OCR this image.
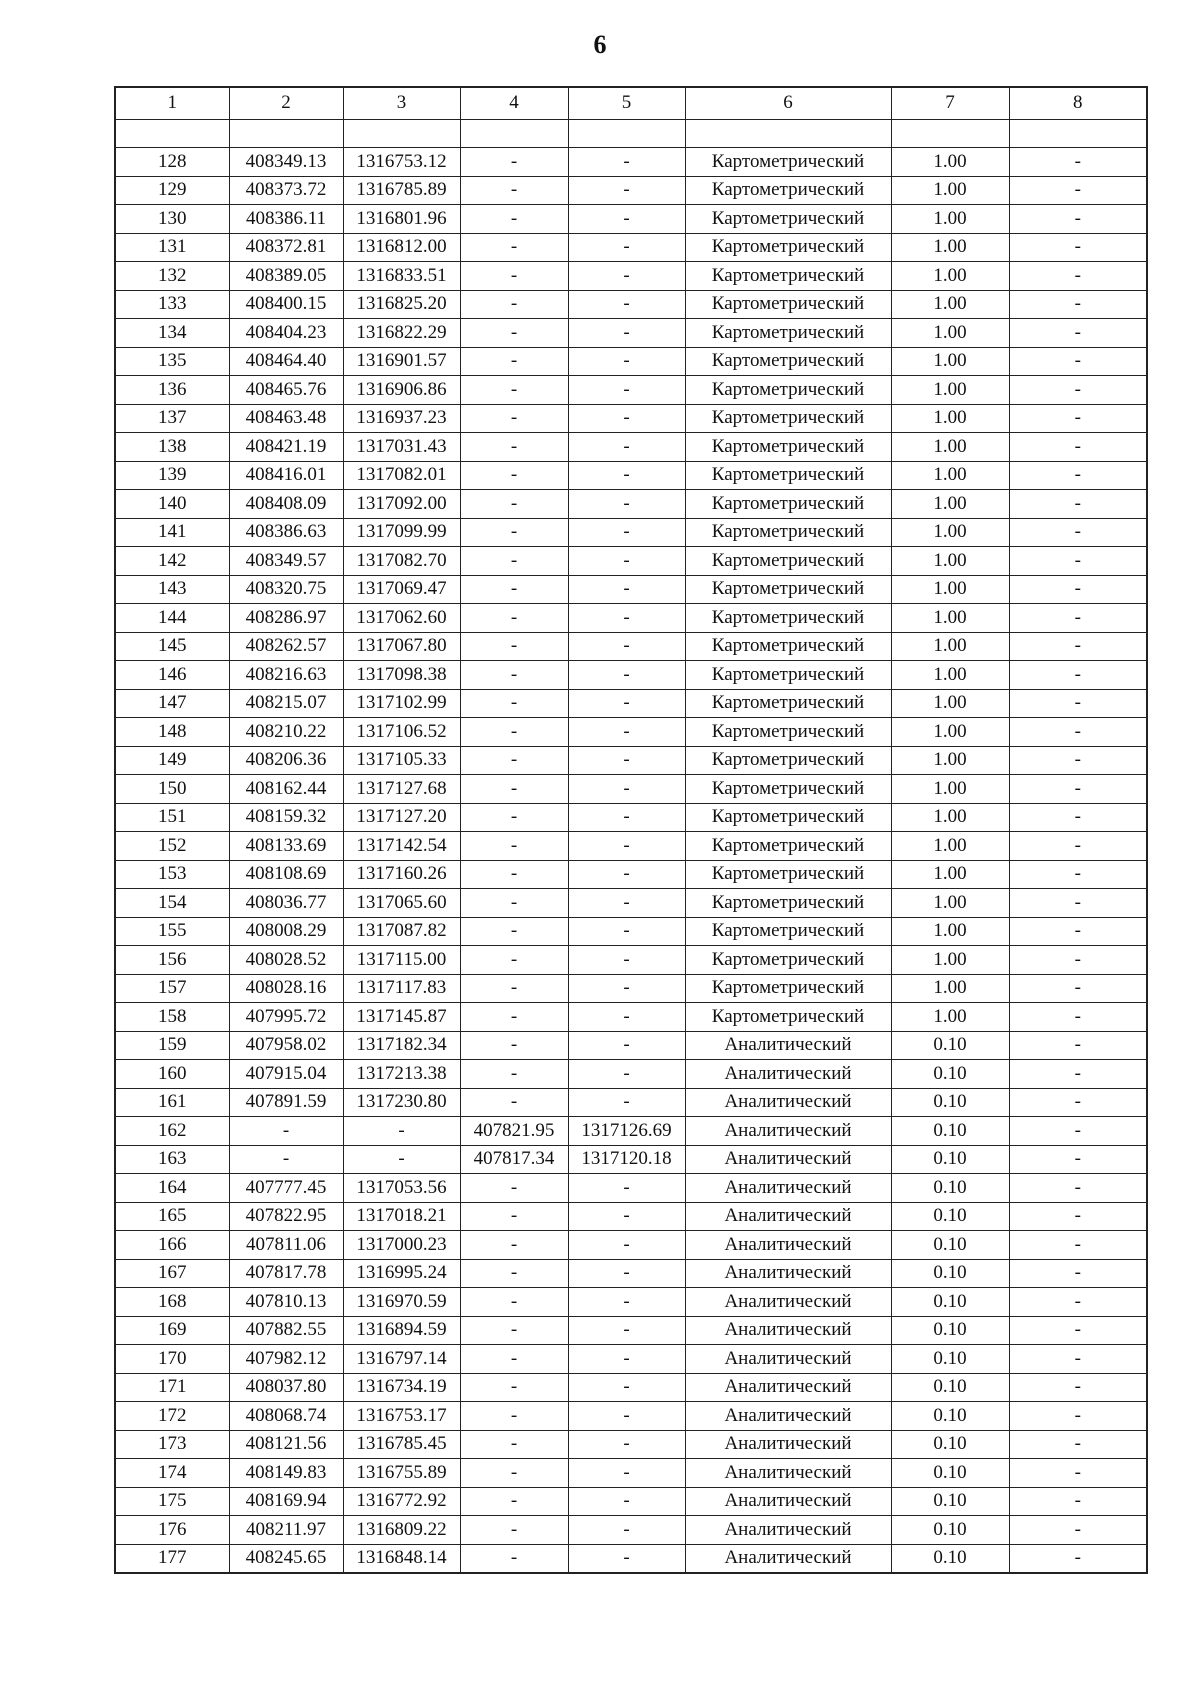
6
1	2	3	4	5	6	7	8

128	408349.13	1316753.12	-	-	Картометрический	1.00	-
129	408373.72	1316785.89	-	-	Картометрический	1.00	-
130	408386.11	1316801.96	-	-	Картометрический	1.00	-
131	408372.81	1316812.00	-	-	Картометрический	1.00	-
132	408389.05	1316833.51	-	-	Картометрический	1.00	-
133	408400.15	1316825.20	-	-	Картометрический	1.00	-
134	408404.23	1316822.29	-	-	Картометрический	1.00	-
135	408464.40	1316901.57	-	-	Картометрический	1.00	-
136	408465.76	1316906.86	-	-	Картометрический	1.00	-
137	408463.48	1316937.23	-	-	Картометрический	1.00	-
138	408421.19	1317031.43	-	-	Картометрический	1.00	-
139	408416.01	1317082.01	-	-	Картометрический	1.00	-
140	408408.09	1317092.00	-	-	Картометрический	1.00	-
141	408386.63	1317099.99	-	-	Картометрический	1.00	-
142	408349.57	1317082.70	-	-	Картометрический	1.00	-
143	408320.75	1317069.47	-	-	Картометрический	1.00	-
144	408286.97	1317062.60	-	-	Картометрический	1.00	-
145	408262.57	1317067.80	-	-	Картометрический	1.00	-
146	408216.63	1317098.38	-	-	Картометрический	1.00	-
147	408215.07	1317102.99	-	-	Картометрический	1.00	-
148	408210.22	1317106.52	-	-	Картометрический	1.00	-
149	408206.36	1317105.33	-	-	Картометрический	1.00	-
150	408162.44	1317127.68	-	-	Картометрический	1.00	-
151	408159.32	1317127.20	-	-	Картометрический	1.00	-
152	408133.69	1317142.54	-	-	Картометрический	1.00	-
153	408108.69	1317160.26	-	-	Картометрический	1.00	-
154	408036.77	1317065.60	-	-	Картометрический	1.00	-
155	408008.29	1317087.82	-	-	Картометрический	1.00	-
156	408028.52	1317115.00	-	-	Картометрический	1.00	-
157	408028.16	1317117.83	-	-	Картометрический	1.00	-
158	407995.72	1317145.87	-	-	Картометрический	1.00	-
159	407958.02	1317182.34	-	-	Аналитический	0.10	-
160	407915.04	1317213.38	-	-	Аналитический	0.10	-
161	407891.59	1317230.80	-	-	Аналитический	0.10	-
162	-	-	407821.95	1317126.69	Аналитический	0.10	-
163	-	-	407817.34	1317120.18	Аналитический	0.10	-
164	407777.45	1317053.56	-	-	Аналитический	0.10	-
165	407822.95	1317018.21	-	-	Аналитический	0.10	-
166	407811.06	1317000.23	-	-	Аналитический	0.10	-
167	407817.78	1316995.24	-	-	Аналитический	0.10	-
168	407810.13	1316970.59	-	-	Аналитический	0.10	-
169	407882.55	1316894.59	-	-	Аналитический	0.10	-
170	407982.12	1316797.14	-	-	Аналитический	0.10	-
171	408037.80	1316734.19	-	-	Аналитический	0.10	-
172	408068.74	1316753.17	-	-	Аналитический	0.10	-
173	408121.56	1316785.45	-	-	Аналитический	0.10	-
174	408149.83	1316755.89	-	-	Аналитический	0.10	-
175	408169.94	1316772.92	-	-	Аналитический	0.10	-
176	408211.97	1316809.22	-	-	Аналитический	0.10	-
177	408245.65	1316848.14	-	-	Аналитический	0.10	-
